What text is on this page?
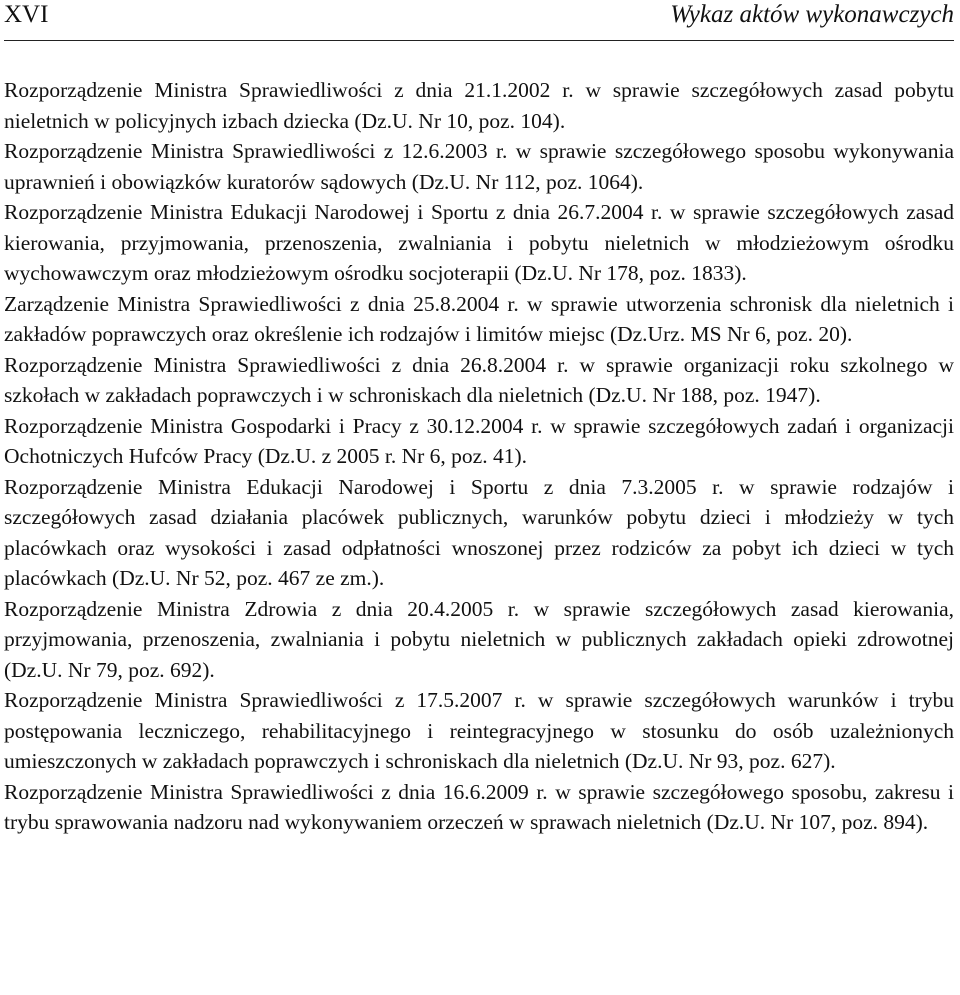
XVI	Wykaz aktów wykonawczych

Rozporządzenie Ministra Sprawiedliwości z dnia 21.1.2002 r. w sprawie szczegółowych zasad pobytu nieletnich w policyjnych izbach dziecka (Dz.U. Nr 10, poz. 104).

Rozporządzenie Ministra Sprawiedliwości z 12.6.2003 r. w sprawie szczegółowego sposobu wykonywania uprawnień i obowiązków kuratorów sądowych (Dz.U. Nr 112, poz. 1064).

Rozporządzenie Ministra Edukacji Narodowej i Sportu z dnia 26.7.2004 r. w sprawie szczegółowych zasad kierowania, przyjmowania, przenoszenia, zwalniania i pobytu nieletnich w młodzieżowym ośrodku wychowawczym oraz młodzieżowym ośrodku socjoterapii (Dz.U. Nr 178, poz. 1833).

Zarządzenie Ministra Sprawiedliwości z dnia 25.8.2004 r. w sprawie utworzenia schronisk dla nieletnich i zakładów poprawczych oraz określenie ich rodzajów i limitów miejsc (Dz.Urz. MS Nr 6, poz. 20).

Rozporządzenie Ministra Sprawiedliwości z dnia 26.8.2004 r. w sprawie organizacji roku szkolnego w szkołach w zakładach poprawczych i w schroniskach dla nieletnich (Dz.U. Nr 188, poz. 1947).

Rozporządzenie Ministra Gospodarki i Pracy z 30.12.2004 r. w sprawie szczegółowych zadań i organizacji Ochotniczych Hufców Pracy (Dz.U. z 2005 r. Nr 6, poz. 41).

Rozporządzenie Ministra Edukacji Narodowej i Sportu z dnia 7.3.2005 r. w sprawie rodzajów i szczegółowych zasad działania placówek publicznych, warunków pobytu dzieci i młodzieży w tych placówkach oraz wysokości i zasad odpłatności wnoszonej przez rodziców za pobyt ich dzieci w tych placówkach (Dz.U. Nr 52, poz. 467 ze zm.).

Rozporządzenie Ministra Zdrowia z dnia 20.4.2005 r. w sprawie szczegółowych zasad kierowania, przyjmowania, przenoszenia, zwalniania i pobytu nieletnich w publicznych zakładach opieki zdrowotnej (Dz.U. Nr 79, poz. 692).

Rozporządzenie Ministra Sprawiedliwości z 17.5.2007 r. w sprawie szczegółowych warunków i trybu postępowania leczniczego, rehabilitacyjnego i reintegracyjnego w stosunku do osób uzależnionych umieszczonych w zakładach poprawczych i schroniskach dla nieletnich (Dz.U. Nr 93, poz. 627).

Rozporządzenie Ministra Sprawiedliwości z dnia 16.6.2009 r. w sprawie szczegółowego sposobu, zakresu i trybu sprawowania nadzoru nad wykonywaniem orzeczeń w sprawach nieletnich (Dz.U. Nr 107, poz. 894).
